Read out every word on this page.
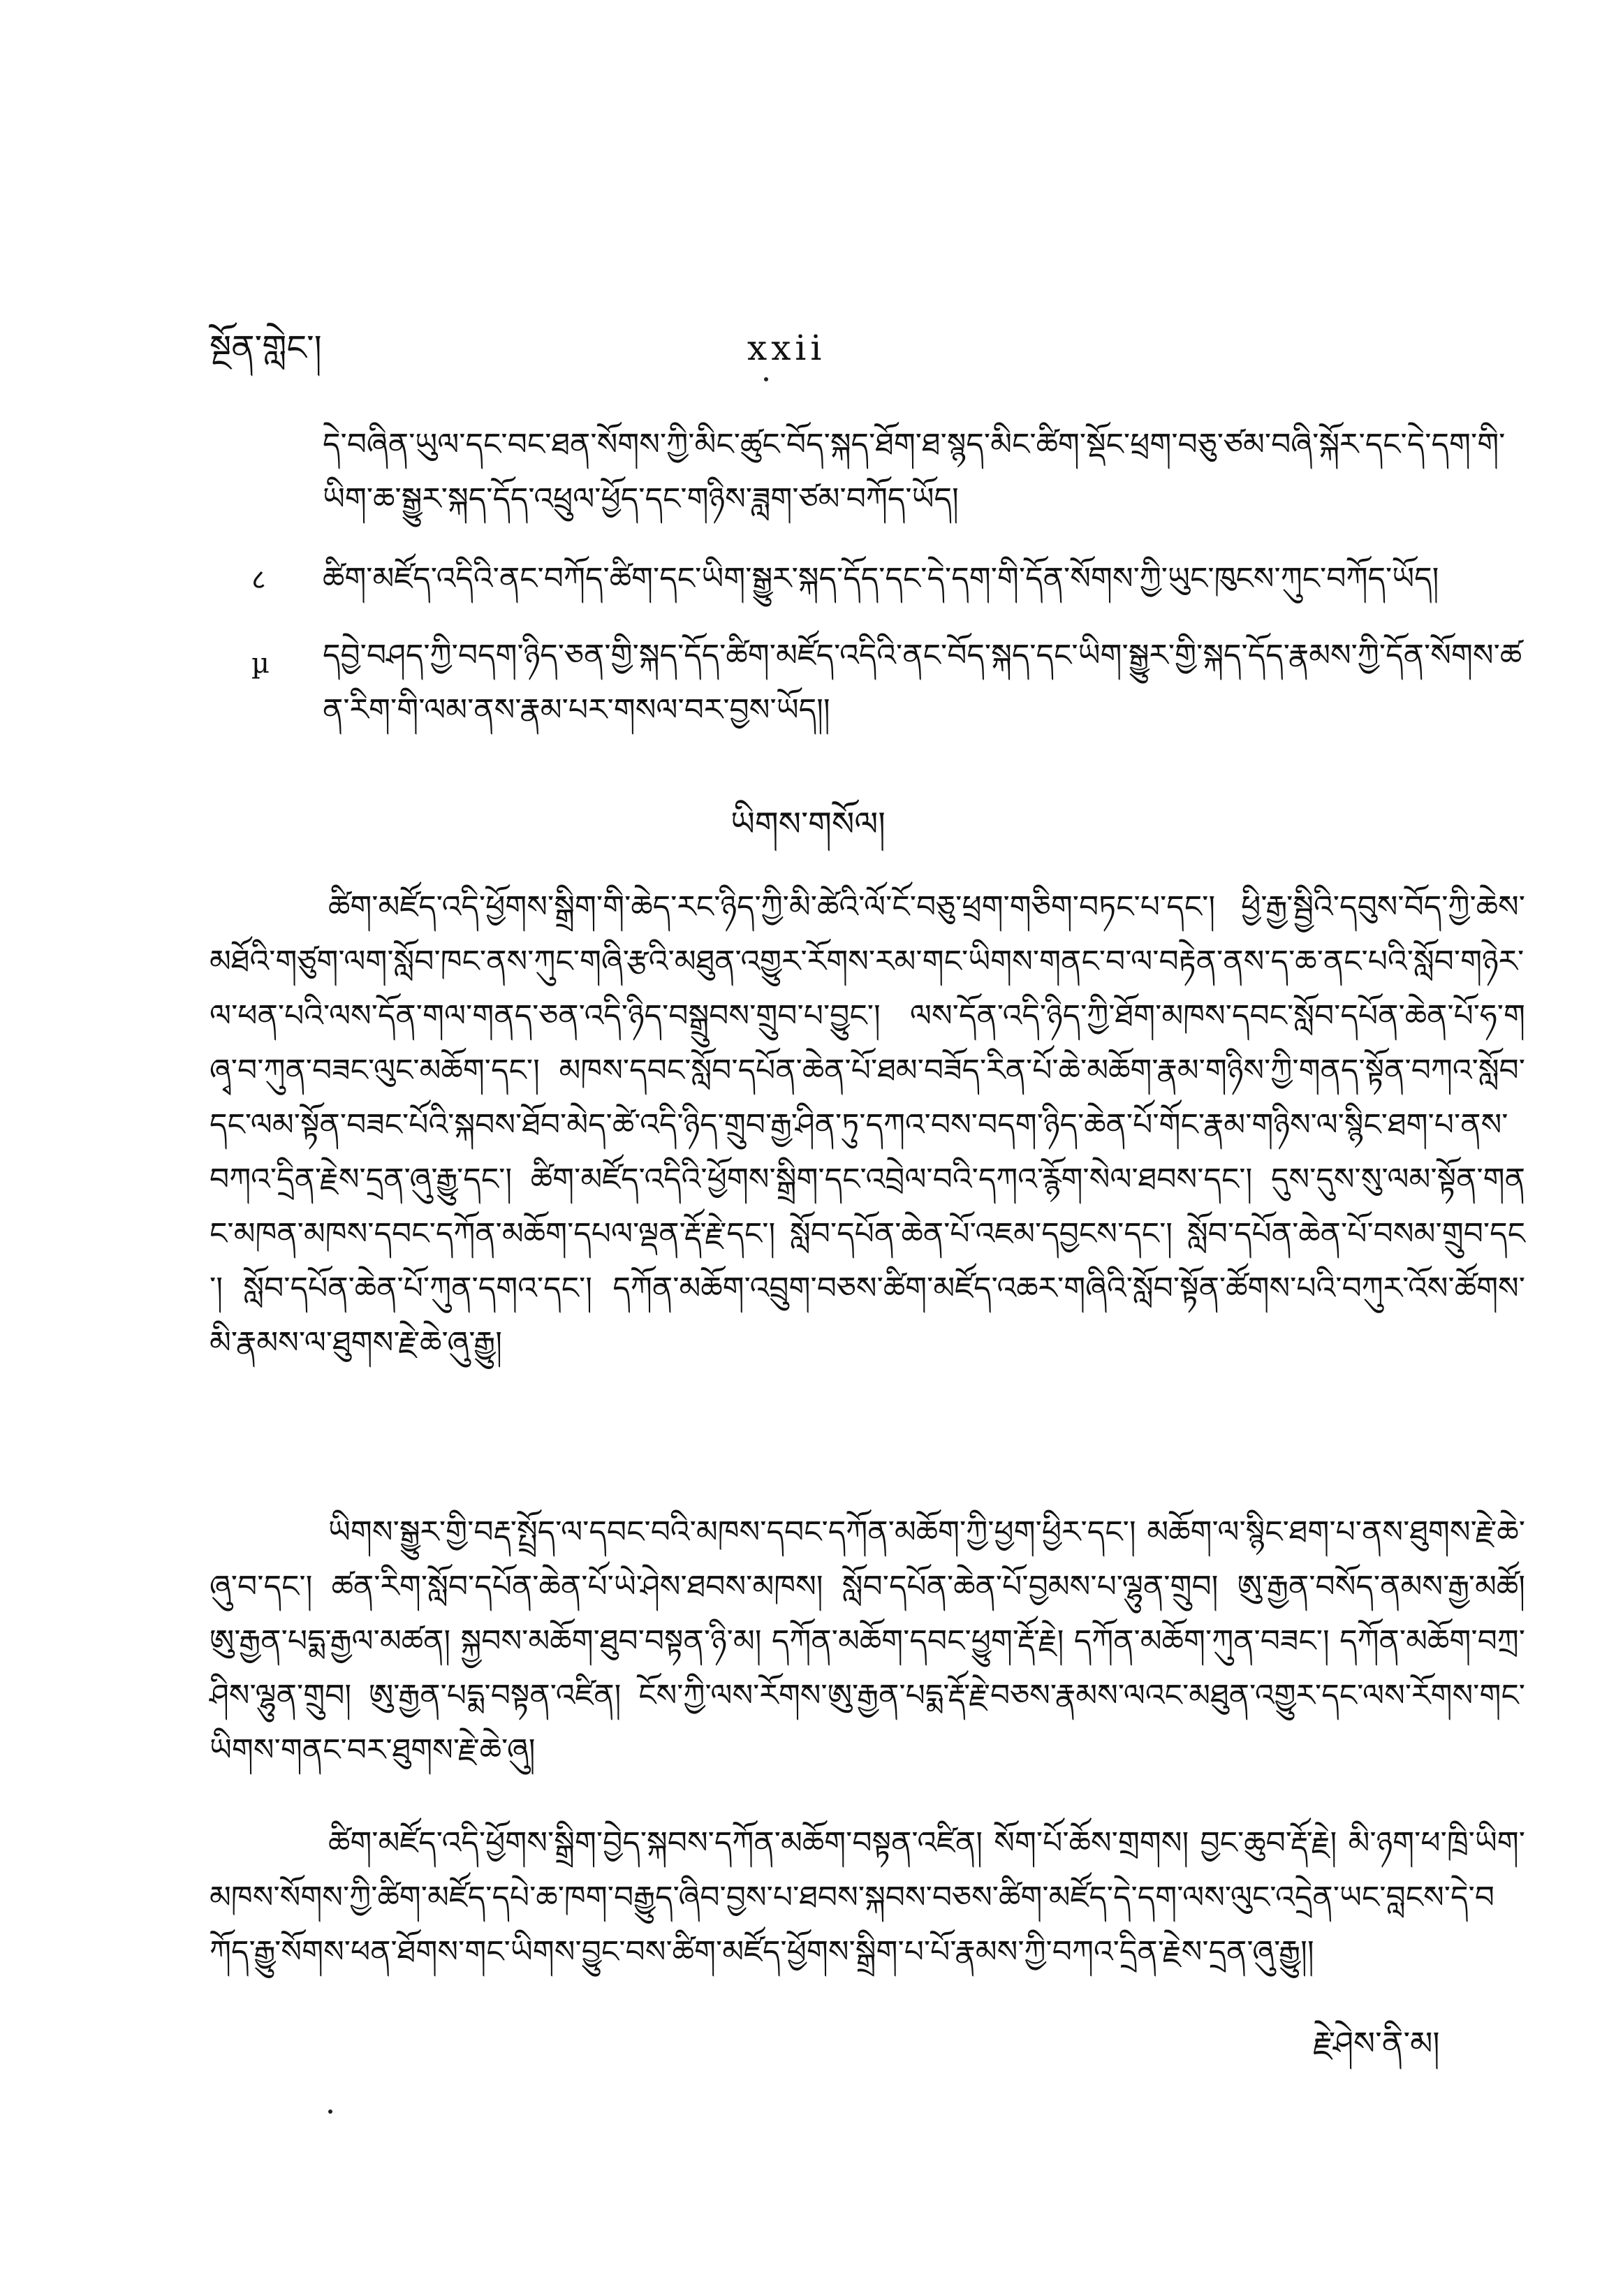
སྔོན་གླེང་།	xxii

དེ་བཞིན་ཡུལ་དང་བང་ཐན་སོགས་ཀྱི་མིང་ཚུང་བོད་སྐད་ཐོག་ཐ་སྙད་མིང་ཚིག་སྡོང་ཕྲག་བཅུ་ཙམ་བཞི་སྐོར་དང་དེ་དག་གི་ཡིག་ཆ་སྒྱུར་སྐད་དོད་འཕྲུལ་ཕྱོད་དང་གཉིས་ཟླག་ཙམ་བཀོད་ཡོད།

८ ཚིག་མཛོད་འདིའི་ནང་བཀོད་ཚིག་དང་ཡིག་སྒྱུར་སྐད་དོད་དང་དེ་དག་གི་དོན་སོགས་ཀྱི་ཡུང་ཁུངས་ཀུང་བཀོད་ཡོད།

µ དབྱེ་བཤད་ཀྱི་བདག་ཉིད་ཅན་གྱི་སྐད་དོད་ཚིག་མཛོད་འདིའི་ནང་བོད་སྐད་དང་ཡིག་སྒྱུར་གྱི་སྐད་དོད་རྣམས་ཀྱི་དོན་སོགས་ཚན་རིག་གི་ལམ་ནས་རྣམ་པར་གསལ་བར་བྱས་ཡོད།།

ཡིགས་གསོལ།

ཚིག་མཛོད་འདི་ཕྱོགས་སྒྲིག་གི་ཆེད་རང་ཉིད་ཀྱི་མི་ཚེའི་ལོ་ངོ་བཅུ་ཕྲག་གཅིག་བཏང་པ་དང་། ཕྱི་རྒྱ་སྦྱིའི་དབུས་བོད་ཀྱི་ཆེས་མཐོའི་གཙུག་ལག་སློབ་ཁང་ནས་ཀུང་གཞི་རྩའི་མཐུན་འགྱུར་རོགས་རམ་གང་ཡིགས་གནང་བ་ལ་བརྟེན་ནས་ད་ཆ་ནང་པའི་སློབ་གཉེར་ལ་ཕན་པའི་ལས་དོན་གལ་གནད་ཅན་འདི་ཉིད་བསྒྲུབས་གྲུབ་པ་བྱུང་། ལས་དོན་འདི་ཉིད་ཀྱི་ཐོག་མཁས་དབང་སློབ་དཔོན་ཆེན་པོ་ཧ་གཞྭ་བ་ཀུན་བཟང་ལུང་མཆོག་དང་། མཁས་དབང་སློབ་དཔོན་ཆེན་པོ་ཐམ་བཟོད་རིན་པོ་ཆེ་མཆོག་རྣམ་གཉིས་ཀྱི་གནད་སྟོན་བཀའ་སློབ་དང་ལམ་སྟོན་བཟང་པོའི་སྐབས་ཐོབ་མེད་ཚེ་འདི་ཉིད་གྲུབ་རྒྱ་ཤིན་ཏུ་དཀའ་བས་བདག་ཉིད་ཆེན་པོ་གོང་རྣམ་གཉིས་ལ་སྙིང་ཐག་པ་ནས་བཀའ་དྲིན་རྗེས་དྲན་ཞུ་རྒྱུ་དང་། ཚིག་མཛོད་འདིའི་ཕྱོགས་སྒྲིག་དང་འབྲེལ་བའི་དཀའ་རྙོག་སེལ་ཐབས་དང་། དུས་དུས་སུ་ལམ་སྟོན་གནང་མཁན་མཁས་དབང་དཀོན་མཆོག་དཔལ་ལྡན་རྡོ་རྗེ་དང་། སློབ་དཔོན་ཆེན་པོ་འཇམ་དབྱངས་དང་། སློབ་དཔོན་ཆེན་པོ་བསམ་གྲུབ་དང་། སློབ་དཔོན་ཆེན་པོ་ཀུན་དགའ་དང་། དཀོན་མཆོག་འབྲུག་བཅས་ཚིག་མཛོད་འཆར་གཞིའི་སློབ་སྟོན་ཚོགས་པའི་བཀུར་འོས་ཚོགས་མི་རྣམས་ལ་ཐུགས་རྗེ་ཆེ་ཞུ་རྒྱུ།

ཡིགས་སྒྱུར་གྱི་བརྡ་སྤྲོད་ལ་དབང་བའི་མཁས་དབང་དཀོན་མཆོག་ཀྱི་ཕྱག་ཕྱིར་དང་། མཆོག་ལ་སྙིང་ཐག་པ་ནས་ཐུགས་རྗེ་ཆེ་ཞུ་བ་དང་། ཚན་རིག་སློབ་དཔོན་ཆེན་པོ་ཡེ་ཤེས་ཐབས་མཁས། སློབ་དཔོན་ཆེན་པོ་བྱམས་པ་ལྷུན་གྲུབ། ཨུ་རྒྱན་བསོད་ནམས་རྒྱ་མཚོ། ཨུ་རྒྱན་པདྨ་རྒྱལ་མཚན། སྐྱབས་མཆོག་ཐུབ་བསྟན་ཉི་མ། དཀོན་མཆོག་དབང་ཕྱུག་རྡོ་རྗེ། དཀོན་མཆོག་ཀུན་བཟང་། དཀོན་མཆོག་བཀྲ་ཤིས་ལྷུན་གྲུབ། ཨུ་རྒྱན་པདྨ་བསྟན་འཛིན། ངོས་ཀྱི་ལས་རོགས་ཨུ་རྒྱན་པདྨ་རྡོ་རྗེ་བཅས་རྣམས་ལའང་མཐུན་འགྱུར་དང་ལས་རོགས་གང་ཡིགས་གནང་བར་ཐུགས་རྗེ་ཆེ་ཞུ།

ཚིག་མཛོད་འདི་ཕྱོགས་སྒྲིག་བྱེད་སྐབས་དཀོན་མཆོག་བསྟན་འཛིན། སོག་པོ་ཆོས་གྲགས། བྱང་ཆུབ་རྡོ་རྗེ། མི་ཉག་ཕ་ཁྲི་ཡིག་མཁས་སོགས་ཀྱི་ཚིག་མཛོད་དཔེ་ཆ་ཁག་བརྒྱུད་ཞིབ་བྱས་པ་ཐབས་སྐབས་བཅས་ཚིག་མཛོད་དེ་དག་ལས་ལུང་འདྲེན་ཡང་བླངས་དེ་བཀོད་རྒྱུ་སོགས་ཕན་ཐོགས་གང་ཡིགས་བྱུང་བས་ཚིག་མཛོད་ཕྱོགས་སྒྲིག་པ་པོ་རྣམས་ཀྱི་བཀའ་དྲིན་རྗེས་དྲན་ཞུ་རྒྱུ།།

རྗེ་ཤེས་ནི་མ།
